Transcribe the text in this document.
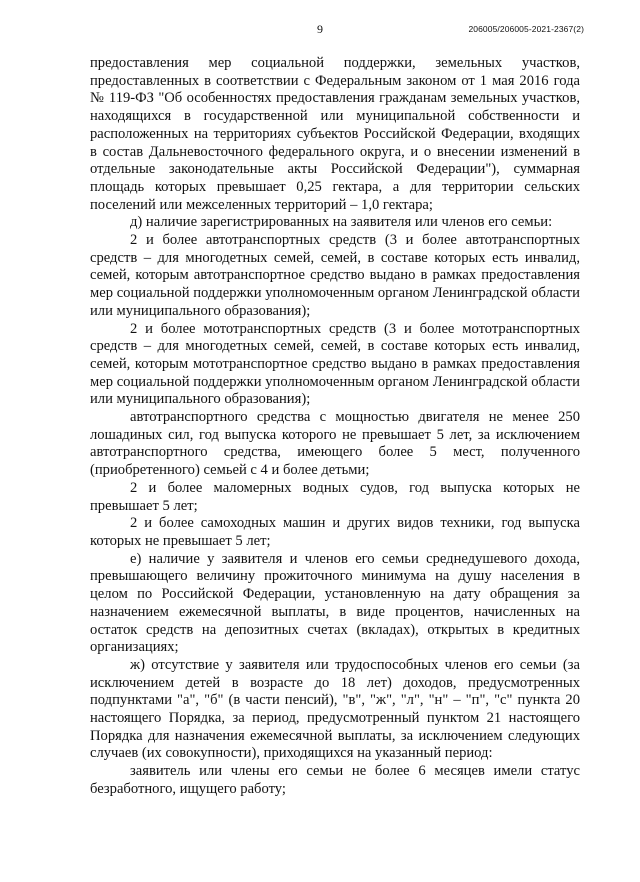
9	206005/206005-2021-2367(2)

предоставления мер социальной поддержки, земельных участков, предоставленных в соответствии с Федеральным законом от 1 мая 2016 года № 119-ФЗ "Об особенностях предоставления гражданам земельных участков, находящихся в государственной или муниципальной собственности и расположенных на территориях субъектов Российской Федерации, входящих в состав Дальневосточного федерального округа, и о внесении изменений в отдельные законодательные акты Российской Федерации"), суммарная площадь которых превышает 0,25 гектара, а для территории сельских поселений или межселенных территорий – 1,0 гектара;

д) наличие зарегистрированных на заявителя или членов его семьи:

2 и более автотранспортных средств (3 и более автотранспортных средств – для многодетных семей, семей, в составе которых есть инвалид, семей, которым автотранспортное средство выдано в рамках предоставления мер социальной поддержки уполномоченным органом Ленинградской области или муниципального образования);

2 и более мототранспортных средств (3 и более мототранспортных средств – для многодетных семей, семей, в составе которых есть инвалид, семей, которым мототранспортное средство выдано в рамках предоставления мер социальной поддержки уполномоченным органом Ленинградской области или муниципального образования);

автотранспортного средства с мощностью двигателя не менее 250 лошадиных сил, год выпуска которого не превышает 5 лет, за исключением автотранспортного средства, имеющего более 5 мест, полученного (приобретенного) семьей с 4 и более детьми;

2 и более маломерных водных судов, год выпуска которых не превышает 5 лет;

2 и более самоходных машин и других видов техники, год выпуска которых не превышает 5 лет;

е) наличие у заявителя и членов его семьи среднедушевого дохода, превышающего величину прожиточного минимума на душу населения в целом по Российской Федерации, установленную на дату обращения за назначением ежемесячной выплаты, в виде процентов, начисленных на остаток средств на депозитных счетах (вкладах), открытых в кредитных организациях;

ж) отсутствие у заявителя или трудоспособных членов его семьи (за исключением детей в возрасте до 18 лет) доходов, предусмотренных подпунктами "а", "б" (в части пенсий), "в", "ж", "л", "н" – "п", "с" пункта 20 настоящего Порядка, за период, предусмотренный пунктом 21 настоящего Порядка для назначения ежемесячной выплаты, за исключением следующих случаев (их совокупности), приходящихся на указанный период:

заявитель или члены его семьи не более 6 месяцев имели статус безработного, ищущего работу;
